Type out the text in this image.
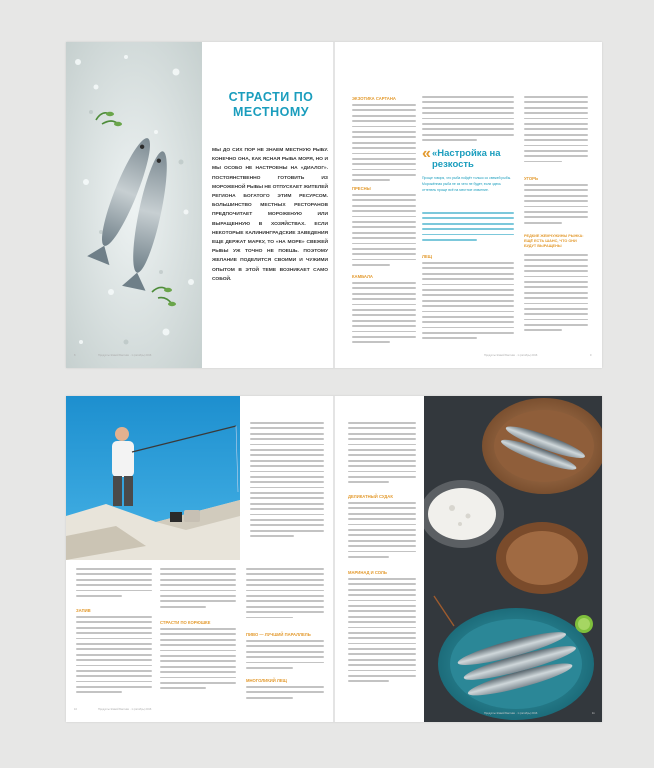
СТРАСТИ ПО МЕСТНОМУ
МЫ ДО СИХ ПОР НЕ ЗНАЕМ МЕСТНУЮ РЫБУ. КОНЕЧНО ОНА, КАК ЯСНАЯ РЫБА МОРЯ, НО И МЫ ОСОБО НЕ НАСТРОЕНЫ НА «ДИАЛОГ». ПОСТОЯНСТВЕННО ГОТОВИТЬ ИЗ МОРОЖЕНОЙ РЫБЫ НЕ ОТПУСКАЕТ ЖИТЕЛЕЙ РЕГИОНА БОГАТОГО ЭТИМ РЕСУРСОМ. БОЛЬШИНСТВО МЕСТНЫХ РЕСТОРАНОВ ПРЕДПОЧИТАЕТ МОРОЖЕНУЮ ИЛИ ВЫРАЩЕННУЮ В ХОЗЯЙСТВАХ. ЕСЛИ НЕКОТОРЫЕ КАЛИНИНГРАДСКИЕ ЗАВЕДЕНИЯ ЕЩЕ ДЕРЖАТ МАРКУ, ТО «НА МОРЕ» СВЕЖЕЙ РЫБЫ УЖ ТОЧНО НЕ ПОЕШЬ. ПОЭТОМУ ЖЕЛАНИЕ ПОДЕЛИТСЯ СВОИМИ И ЧУЖИМИ ОПЫТОМ В ЭТОЙ ТЕМЕ ВОЗНИКАЕТ САМО СОБОЙ.
Продукты Живой Балтики · 1 (октябрь) 2016
8
ЭКЗОТИКА САРТАНА
ПРЕСНЫ
КАМБАЛА
« «Настройка на резкость
Проще говоря, что рыба пойдёт только со свежей рыбы. Морожённая рыба не из чего не будет, если здесь оттепель проще всё на местное значение.
ЛЕЩ
УГОРЬ
РЕДКИЕ ЖЕМЧУЖИНЫ РЫНКА: ЕЩЁ ЕСТЬ ШАНС, ЧТО ОНИ БУДУТ ВЫРАЩЕНЫ
Продукты Живой Балтики · 1 (октябрь) 2016	9
ЗАПИВ
СТРАСТИ ПО КОРЮШКЕ
ПИВО — ЛУЧШИЙ ПАРАЛЛЕЛЬ
МНОГОЛИКИЙ ЛЕЩ
Продукты Живой Балтики · 1 (октябрь) 2016
10
ДЕЛИКАТНЫЙ СУДАК
МАРИНАД И СОЛЬ
Продукты Живой Балтики · 1 (октябрь) 2016	11
